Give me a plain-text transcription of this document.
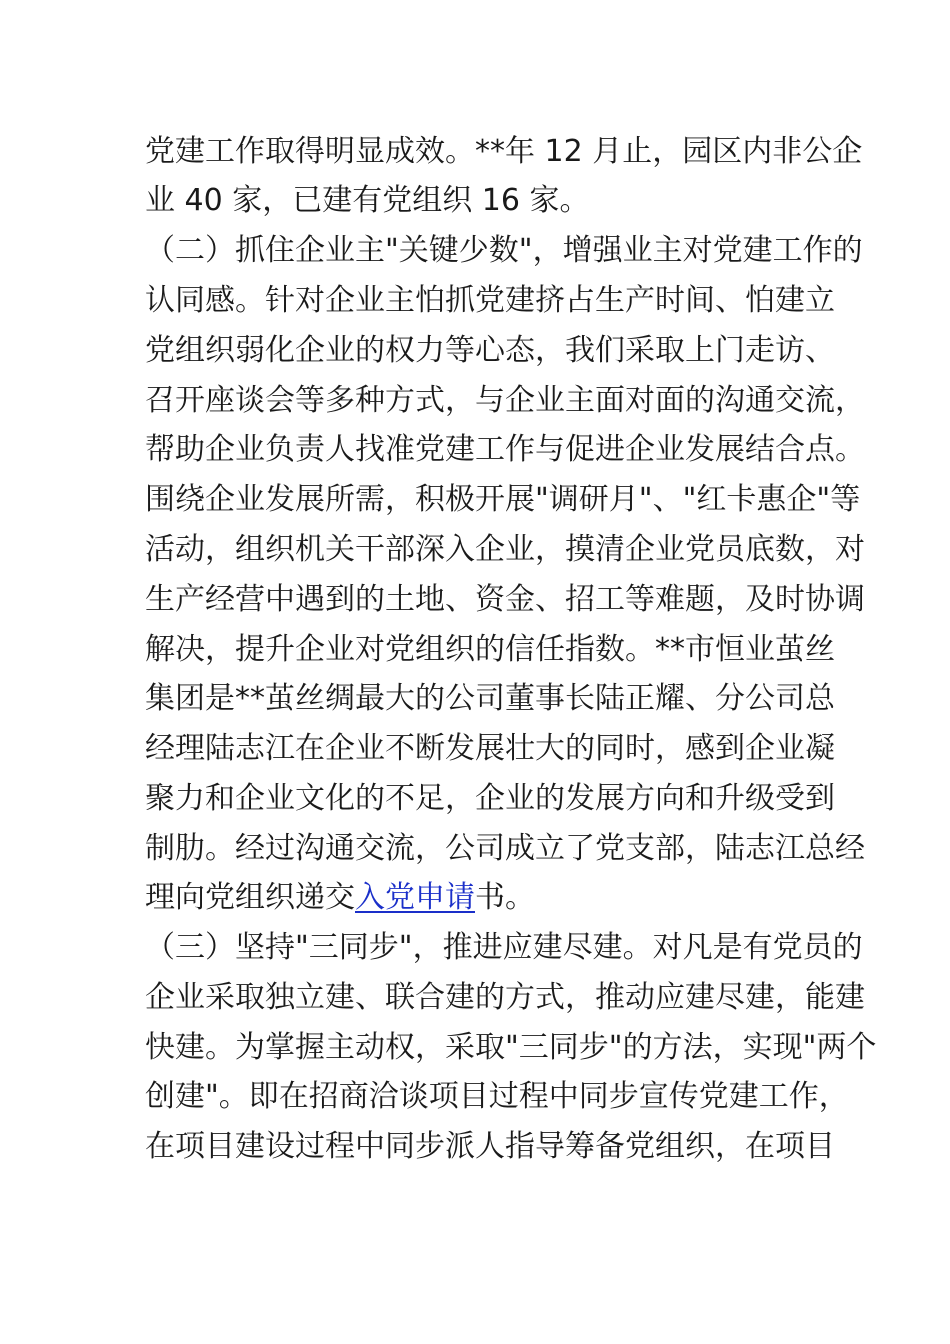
党建工作取得明显成效。**年 12 月止，园区内非公企
业 40 家，已建有党组织 16 家。
（二）抓住企业主"关键少数"，增强业主对党建工作的
认同感。针对企业主怕抓党建挤占生产时间、怕建立
党组织弱化企业的权力等心态，我们采取上门走访、
召开座谈会等多种方式，与企业主面对面的沟通交流，
帮助企业负责人找准党建工作与促进企业发展结合点。
围绕企业发展所需，积极开展"调研月"、"红卡惠企"等
活动，组织机关干部深入企业，摸清企业党员底数，对
生产经营中遇到的土地、资金、招工等难题，及时协调
解决，提升企业对党组织的信任指数。**市恒业茧丝
集团是**茧丝绸最大的公司董事长陆正耀、分公司总
经理陆志江在企业不断发展壮大的同时，感到企业凝
聚力和企业文化的不足，企业的发展方向和升级受到
制肋。经过沟通交流，公司成立了党支部，陆志江总经
理向党组织递交入党申请书。
（三）坚持"三同步"，推进应建尽建。对凡是有党员的
企业采取独立建、联合建的方式，推动应建尽建，能建
快建。为掌握主动权，采取"三同步"的方法，实现"两个
创建"。即在招商洽谈项目过程中同步宣传党建工作，
在项目建设过程中同步派人指导筹备党组织，在项目
